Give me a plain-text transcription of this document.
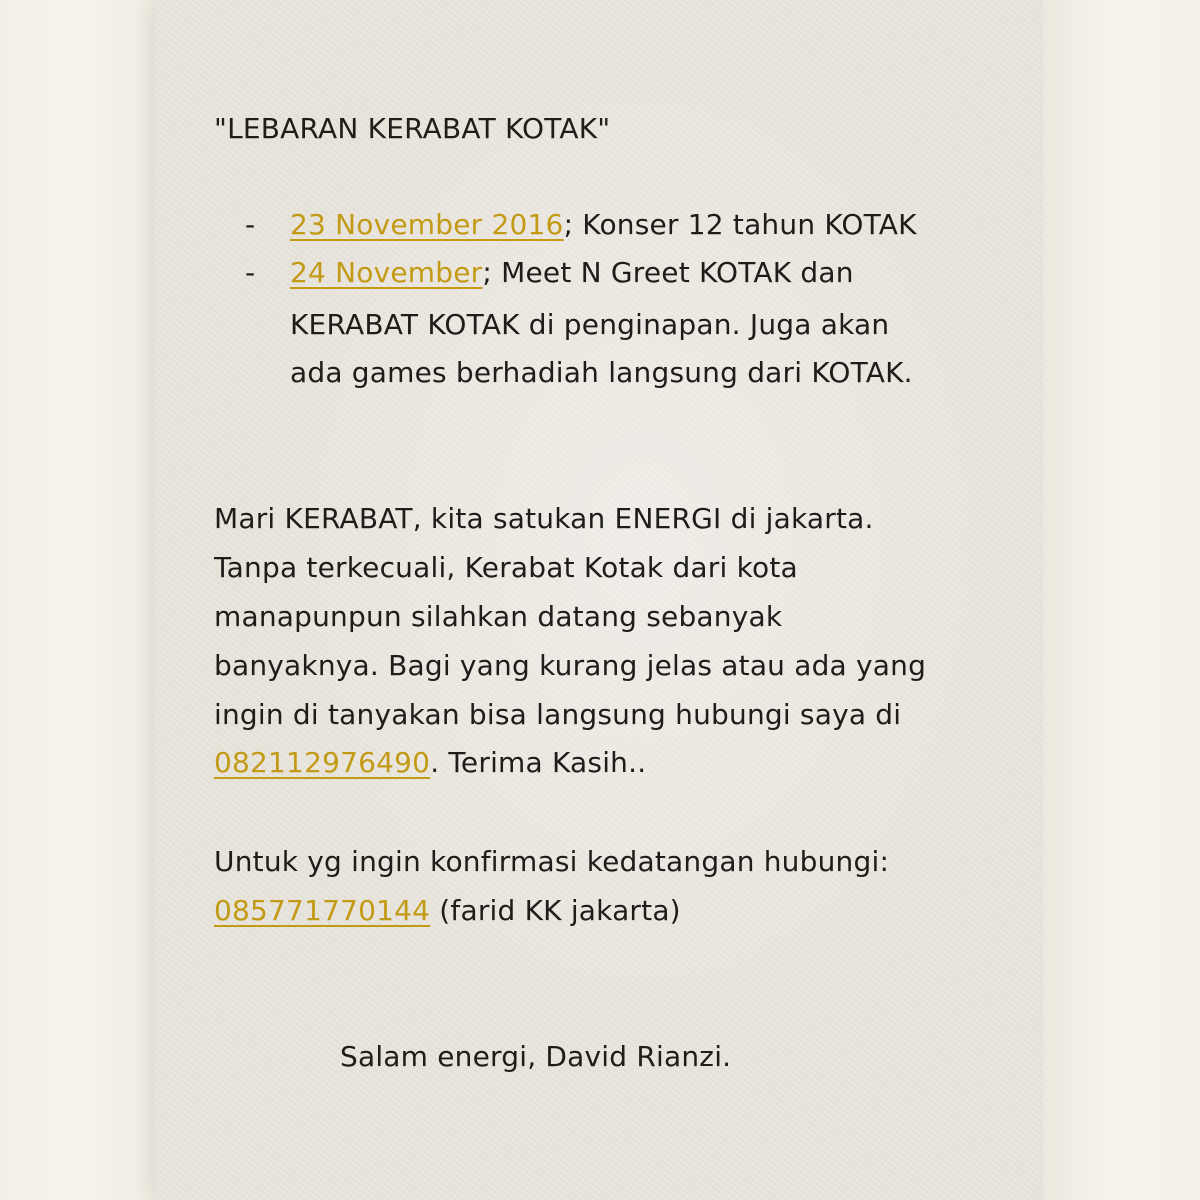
"LEBARAN KERABAT KOTAK"
- 23 November 2016; Konser 12 tahun KOTAK
- 24 November; Meet N Greet KOTAK dan
KERABAT KOTAK di penginapan. Juga akan
ada games berhadiah langsung dari KOTAK.
Mari KERABAT, kita satukan ENERGI di jakarta.
Tanpa terkecuali, Kerabat Kotak dari kota
manapunpun silahkan datang sebanyak
banyaknya. Bagi yang kurang jelas atau ada yang
ingin di tanyakan bisa langsung hubungi saya di
082112976490. Terima Kasih..
Untuk yg ingin konfirmasi kedatangan hubungi:
085771770144 (farid KK jakarta)
Salam energi, David Rianzi.
